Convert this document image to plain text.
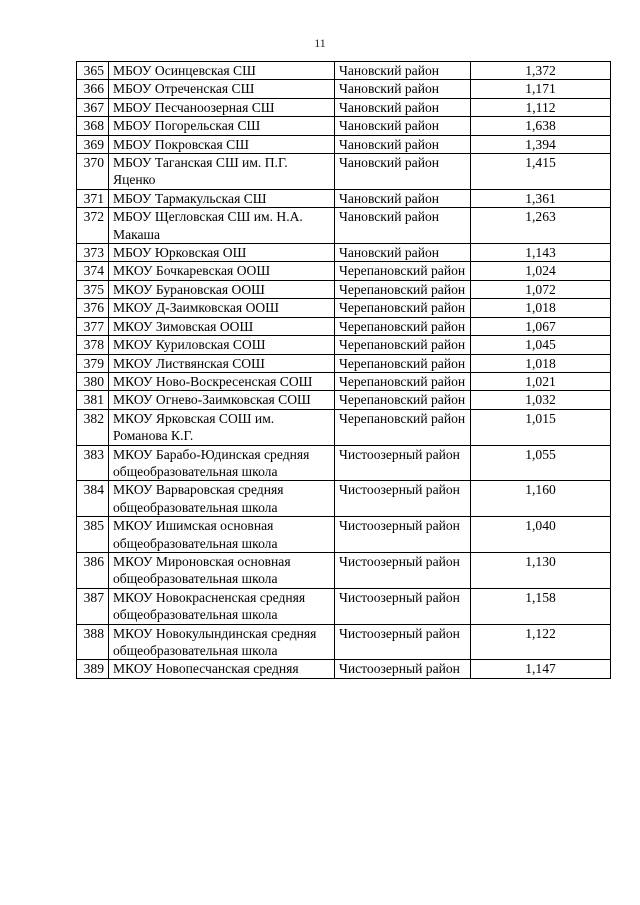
11
365	МБОУ Осинцевская СШ	Чановский район	1,372
366	МБОУ Отреченская СШ	Чановский район	1,171
367	МБОУ Песчаноозерная СШ	Чановский район	1,112
368	МБОУ Погорельская СШ	Чановский район	1,638
369	МБОУ Покровская СШ	Чановский район	1,394
370	МБОУ Таганская СШ им. П.Г. Яценко	Чановский район	1,415
371	МБОУ Тармакульская СШ	Чановский район	1,361
372	МБОУ Щегловская СШ им. Н.А. Макаша	Чановский район	1,263
373	МБОУ Юрковская ОШ	Чановский район	1,143
374	МКОУ Бочкаревская ООШ	Черепановский район	1,024
375	МКОУ Бурановская ООШ	Черепановский район	1,072
376	МКОУ Д-Заимковская ООШ	Черепановский район	1,018
377	МКОУ Зимовская ООШ	Черепановский район	1,067
378	МКОУ Куриловская СОШ	Черепановский район	1,045
379	МКОУ Листвянская СОШ	Черепановский район	1,018
380	МКОУ Ново-Воскресенская СОШ	Черепановский район	1,021
381	МКОУ Огнево-Заимковская СОШ	Черепановский район	1,032
382	МКОУ Ярковская СОШ им. Романова К.Г.	Черепановский район	1,015
383	МКОУ Барабо-Юдинская средняя общеобразовательная школа	Чистоозерный район	1,055
384	МКОУ Варваровская средняя общеобразовательная школа	Чистоозерный район	1,160
385	МКОУ Ишимская основная общеобразовательная школа	Чистоозерный район	1,040
386	МКОУ Мироновская основная общеобразовательная школа	Чистоозерный район	1,130
387	МКОУ Новокрасненская средняя общеобразовательная школа	Чистоозерный район	1,158
388	МКОУ Новокулындинская средняя общеобразовательная школа	Чистоозерный район	1,122
389	МКОУ Новопесчанская средняя	Чистоозерный район	1,147
